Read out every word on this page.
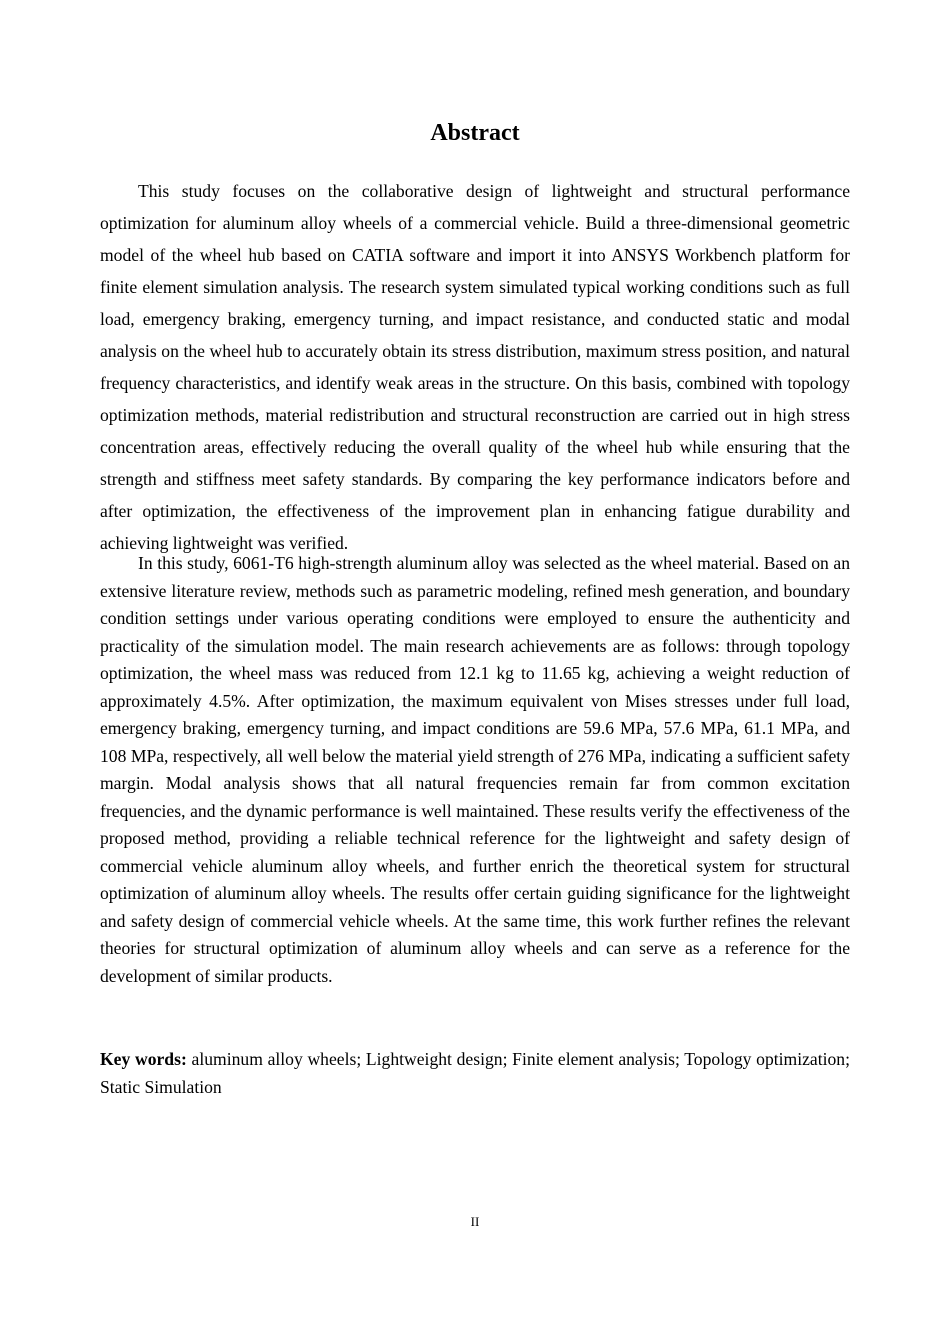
Abstract

This study focuses on the collaborative design of lightweight and structural performance optimization for aluminum alloy wheels of a commercial vehicle. Build a three-dimensional geometric model of the wheel hub based on CATIA software and import it into ANSYS Workbench platform for finite element simulation analysis. The research system simulated typical working conditions such as full load, emergency braking, emergency turning, and impact resistance, and conducted static and modal analysis on the wheel hub to accurately obtain its stress distribution, maximum stress position, and natural frequency characteristics, and identify weak areas in the structure. On this basis, combined with topology optimization methods, material redistribution and structural reconstruction are carried out in high stress concentration areas, effectively reducing the overall quality of the wheel hub while ensuring that the strength and stiffness meet safety standards. By comparing the key performance indicators before and after optimization, the effectiveness of the improvement plan in enhancing fatigue durability and achieving lightweight was verified.

In this study, 6061-T6 high-strength aluminum alloy was selected as the wheel material. Based on an extensive literature review, methods such as parametric modeling, refined mesh generation, and boundary condition settings under various operating conditions were employed to ensure the authenticity and practicality of the simulation model. The main research achievements are as follows: through topology optimization, the wheel mass was reduced from 12.1 kg to 11.65 kg, achieving a weight reduction of approximately 4.5%. After optimization, the maximum equivalent von Mises stresses under full load, emergency braking, emergency turning, and impact conditions are 59.6 MPa, 57.6 MPa, 61.1 MPa, and 108 MPa, respectively, all well below the material yield strength of 276 MPa, indicating a sufficient safety margin. Modal analysis shows that all natural frequencies remain far from common excitation frequencies, and the dynamic performance is well maintained. These results verify the effectiveness of the proposed method, providing a reliable technical reference for the lightweight and safety design of commercial vehicle aluminum alloy wheels, and further enrich the theoretical system for structural optimization of aluminum alloy wheels. The results offer certain guiding significance for the lightweight and safety design of commercial vehicle wheels. At the same time, this work further refines the relevant theories for structural optimization of aluminum alloy wheels and can serve as a reference for the development of similar products.

Key words: aluminum alloy wheels; Lightweight design; Finite element analysis; Topology optimization; Static Simulation

II
